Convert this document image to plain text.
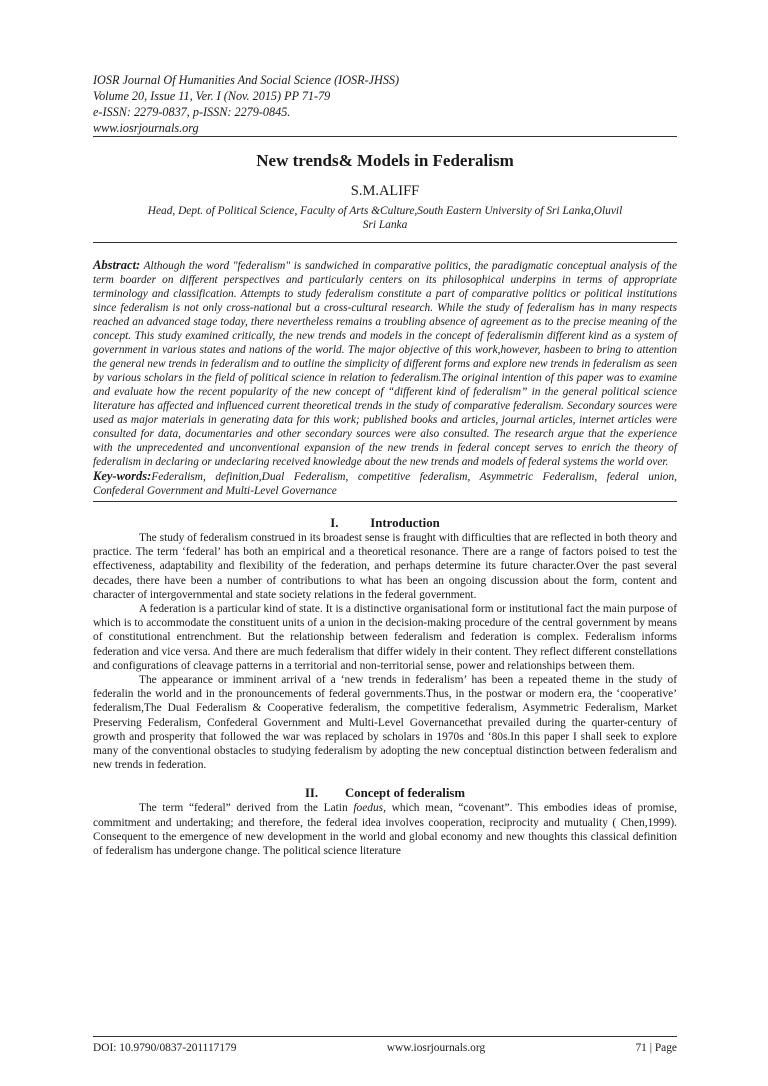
IOSR Journal Of Humanities And Social Science (IOSR-JHSS)
Volume 20, Issue 11, Ver. I (Nov. 2015) PP 71-79
e-ISSN: 2279-0837, p-ISSN: 2279-0845.
www.iosrjournals.org
New trends& Models in Federalism
S.M.ALIFF
Head, Dept. of Political Science, Faculty of Arts &Culture,South Eastern University of Sri Lanka,Oluvil
Sri Lanka
Abstract: Although the word "federalism" is sandwiched in comparative politics, the paradigmatic conceptual analysis of the term boarder on different perspectives and particularly centers on its philosophical underpins in terms of appropriate terminology and classification. Attempts to study federalism constitute a part of comparative politics or political institutions since federalism is not only cross-national but a cross-cultural research. While the study of federalism has in many respects reached an advanced stage today, there nevertheless remains a troubling absence of agreement as to the precise meaning of the concept. This study examined critically, the new trends and models in the concept of federalismin different kind as a system of government in various states and nations of the world. The major objective of this work,however, hasbeen to bring to attention the general new trends in federalism and to outline the simplicity of different forms and explore new trends in federalism as seen by various scholars in the field of political science in relation to federalism.The original intention of this paper was to examine and evaluate how the recent popularity of the new concept of “different kind of federalism” in the general political science literature has affected and influenced current theoretical trends in the study of comparative federalism. Secondary sources were used as major materials in generating data for this work; published books and articles, journal articles, internet articles were consulted for data, documentaries and other secondary sources were also consulted. The research argue that the experience with the unprecedented and unconventional expansion of the new trends in federal concept serves to enrich the theory of federalism in declaring or undeclaring received knowledge about the new trends and models of federal systems the world over.
Key-words:Federalism, definition,Dual Federalism, competitive federalism, Asymmetric Federalism, federal union, Confederal Government and Multi-Level Governance
I. Introduction

The study of federalism construed in its broadest sense is fraught with difficulties that are reflected in both theory and practice. The term ‘federal’ has both an empirical and a theoretical resonance. There are a range of factors poised to test the effectiveness, adaptability and flexibility of the federation, and perhaps determine its future character.Over the past several decades, there have been a number of contributions to what has been an ongoing discussion about the form, content and character of intergovernmental and state society relations in the federal government.

A federation is a particular kind of state. It is a distinctive organisational form or institutional fact the main purpose of which is to accommodate the constituent units of a union in the decision-making procedure of the central government by means of constitutional entrenchment. But the relationship between federalism and federation is complex. Federalism informs federation and vice versa. And there are much federalism that differ widely in their content. They reflect different constellations and configurations of cleavage patterns in a territorial and non-territorial sense, power and relationships between them.

The appearance or imminent arrival of a ‘new trends in federalism’ has been a repeated theme in the study of federalin the world and in the pronouncements of federal governments.Thus, in the postwar or modern era, the ‘cooperative’ federalism,The Dual Federalism & Cooperative federalism, the competitive federalism, Asymmetric Federalism, Market Preserving Federalism, Confederal Government and Multi-Level Governancethat prevailed during the quarter-century of growth and prosperity that followed the war was replaced by scholars in 1970s and ‘80s.In this paper I shall seek to explore many of the conventional obstacles to studying federalism by adopting the new conceptual distinction between federalism and new trends in federation.

II. Concept of federalism

The term “federal” derived from the Latin foedus, which mean, “covenant”. This embodies ideas of promise, commitment and undertaking; and therefore, the federal idea involves cooperation, reciprocity and mutuality ( Chen,1999). Consequent to the emergence of new development in the world and global economy and new thoughts this classical definition of federalism has undergone change. The political science literature

DOI: 10.9790/0837-201117179	www.iosrjournals.org	71 | Page
